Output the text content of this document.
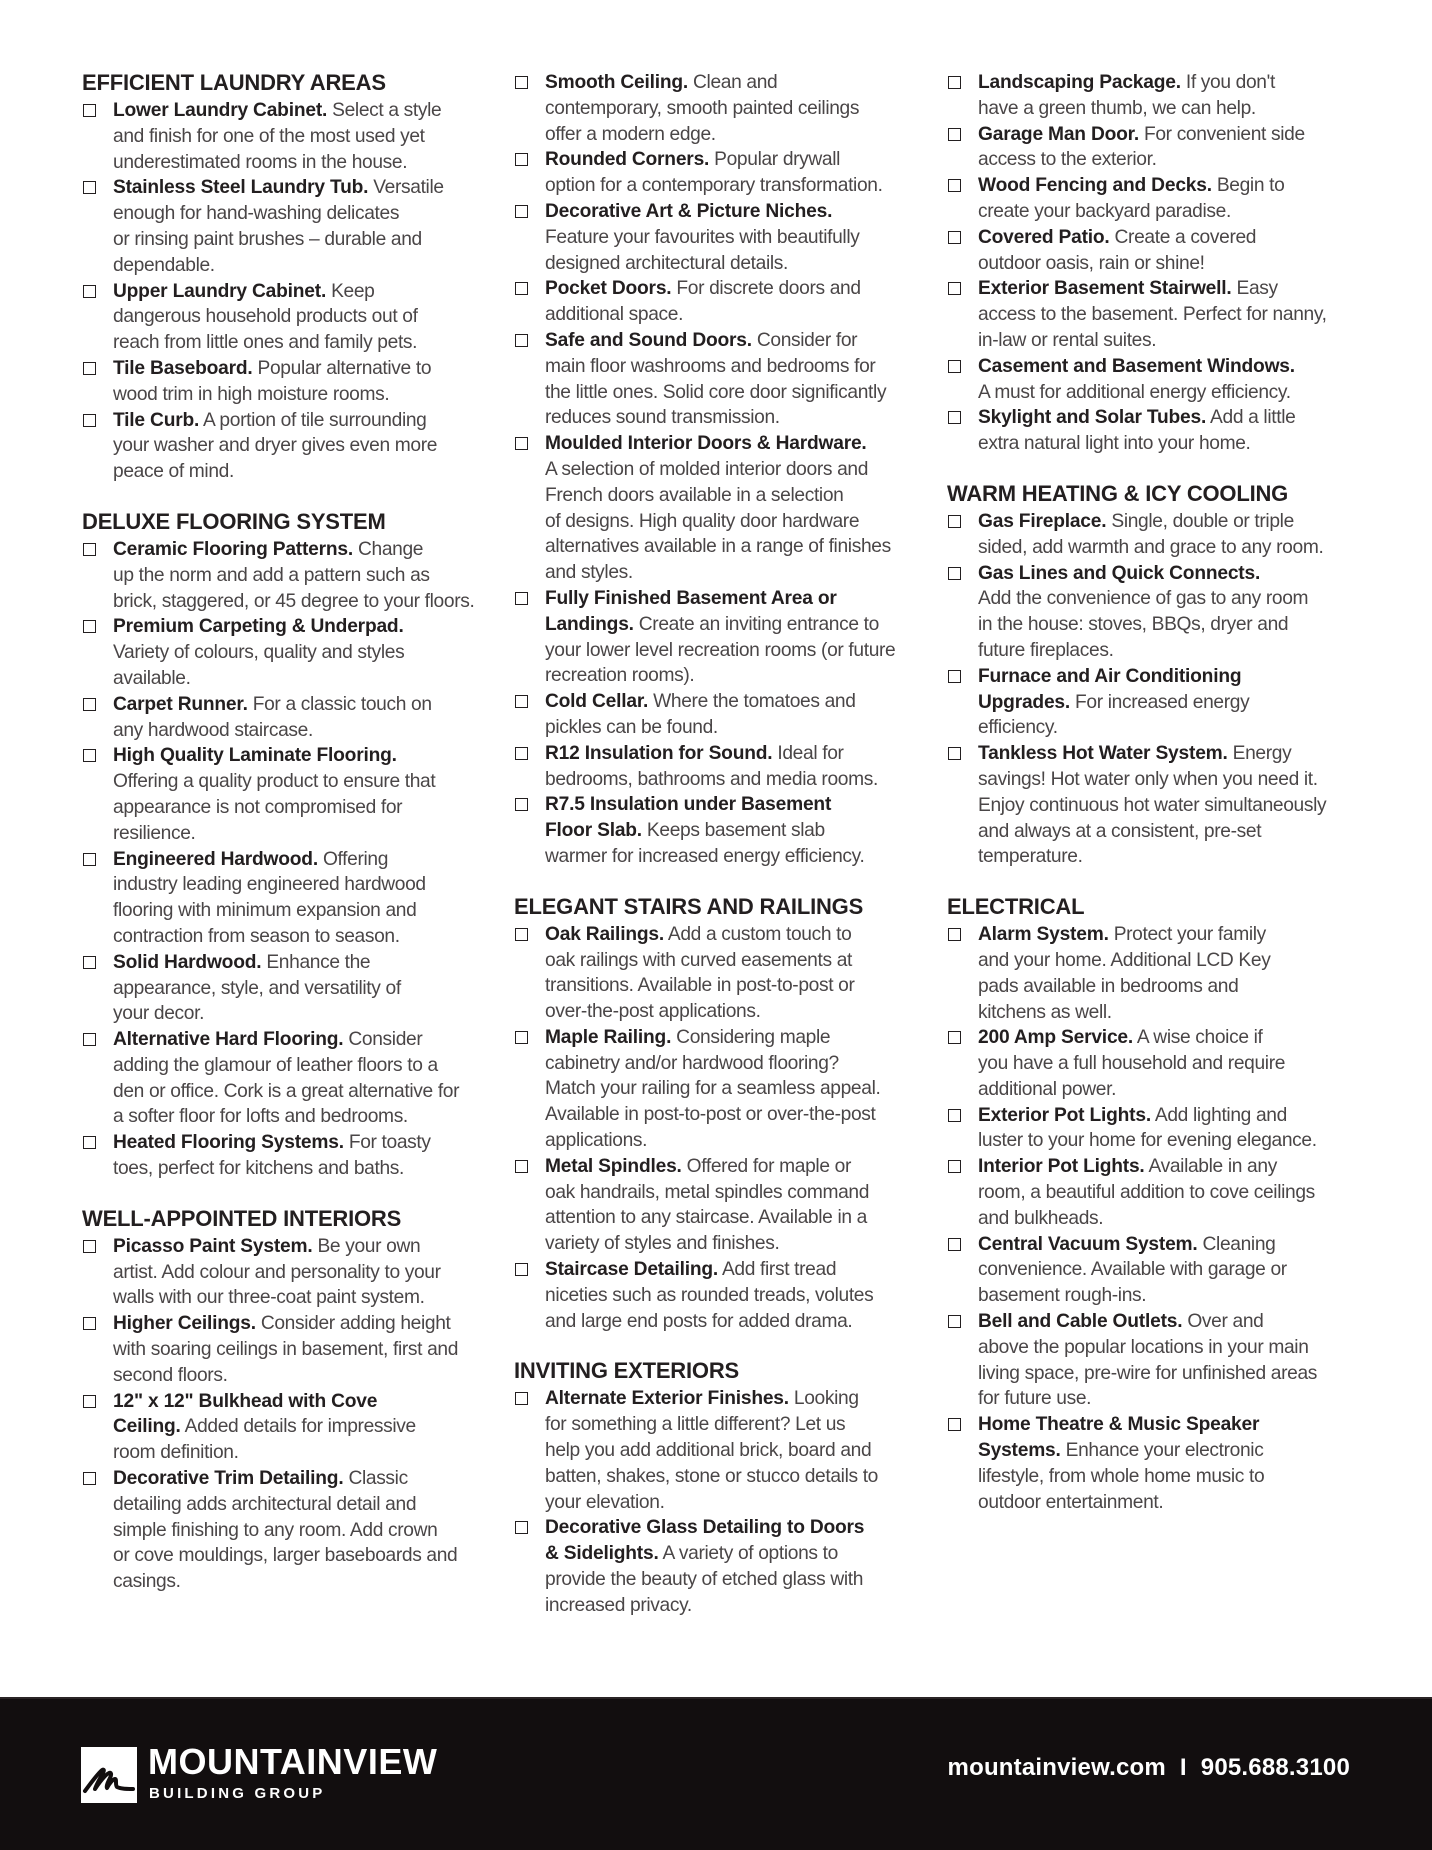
EFFICIENT LAUNDRY AREAS
Lower Laundry Cabinet. Select a style
and finish for one of the most used yet
underestimated rooms in the house.
Stainless Steel Laundry Tub. Versatile
enough for hand-washing delicates
or rinsing paint brushes – durable and
dependable.
Upper Laundry Cabinet. Keep
dangerous household products out of
reach from little ones and family pets.
Tile Baseboard. Popular alternative to
wood trim in high moisture rooms.
Tile Curb. A portion of tile surrounding
your washer and dryer gives even more
peace of mind.
DELUXE FLOORING SYSTEM
Ceramic Flooring Patterns. Change
up the norm and add a pattern such as
brick, staggered, or 45 degree to your floors.
Premium Carpeting & Underpad.
Variety of colours, quality and styles
available.
Carpet Runner. For a classic touch on
any hardwood staircase.
High Quality Laminate Flooring.
Offering a quality product to ensure that
appearance is not compromised for
resilience.
Engineered Hardwood. Offering
industry leading engineered hardwood
flooring with minimum expansion and
contraction from season to season.
Solid Hardwood. Enhance the
appearance, style, and versatility of
your decor.
Alternative Hard Flooring. Consider
adding the glamour of leather floors to a
den or office. Cork is a great alternative for
a softer floor for lofts and bedrooms.
Heated Flooring Systems. For toasty
toes, perfect for kitchens and baths.
WELL-APPOINTED INTERIORS
Picasso Paint System. Be your own
artist. Add colour and personality to your
walls with our three-coat paint system.
Higher Ceilings. Consider adding height
with soaring ceilings in basement, first and
second floors.
12" x 12" Bulkhead with Cove
Ceiling. Added details for impressive
room definition.
Decorative Trim Detailing. Classic
detailing adds architectural detail and
simple finishing to any room. Add crown
or cove mouldings, larger baseboards and
casings.
Smooth Ceiling. Clean and
contemporary, smooth painted ceilings
offer a modern edge.
Rounded Corners. Popular drywall
option for a contemporary transformation.
Decorative Art & Picture Niches.
Feature your favourites with beautifully
designed architectural details.
Pocket Doors. For discrete doors and
additional space.
Safe and Sound Doors. Consider for
main floor washrooms and bedrooms for
the little ones. Solid core door significantly
reduces sound transmission.
Moulded Interior Doors & Hardware.
A selection of molded interior doors and
French doors available in a selection
of designs. High quality door hardware
alternatives available in a range of finishes
and styles.
Fully Finished Basement Area or
Landings. Create an inviting entrance to
your lower level recreation rooms (or future
recreation rooms).
Cold Cellar. Where the tomatoes and
pickles can be found.
R12 Insulation for Sound. Ideal for
bedrooms, bathrooms and media rooms.
R7.5 Insulation under Basement
Floor Slab. Keeps basement slab
warmer for increased energy efficiency.
ELEGANT STAIRS AND RAILINGS
Oak Railings. Add a custom touch to
oak railings with curved easements at
transitions. Available in post-to-post or
over-the-post applications.
Maple Railing. Considering maple
cabinetry and/or hardwood flooring?
Match your railing for a seamless appeal.
Available in post-to-post or over-the-post
applications.
Metal Spindles. Offered for maple or
oak handrails, metal spindles command
attention to any staircase. Available in a
variety of styles and finishes.
Staircase Detailing. Add first tread
niceties such as rounded treads, volutes
and large end posts for added drama.
INVITING EXTERIORS
Alternate Exterior Finishes. Looking
for something a little different? Let us
help you add additional brick, board and
batten, shakes, stone or stucco details to
your elevation.
Decorative Glass Detailing to Doors
& Sidelights. A variety of options to
provide the beauty of etched glass with
increased privacy.
Landscaping Package. If you don't
have a green thumb, we can help.
Garage Man Door. For convenient side
access to the exterior.
Wood Fencing and Decks. Begin to
create your backyard paradise.
Covered Patio. Create a covered
outdoor oasis, rain or shine!
Exterior Basement Stairwell. Easy
access to the basement. Perfect for nanny,
in-law or rental suites.
Casement and Basement Windows.
A must for additional energy efficiency.
Skylight and Solar Tubes. Add a little
extra natural light into your home.
WARM HEATING & ICY COOLING
Gas Fireplace. Single, double or triple
sided, add warmth and grace to any room.
Gas Lines and Quick Connects.
Add the convenience of gas to any room
in the house: stoves, BBQs, dryer and
future fireplaces.
Furnace and Air Conditioning
Upgrades. For increased energy
efficiency.
Tankless Hot Water System. Energy
savings! Hot water only when you need it.
Enjoy continuous hot water simultaneously
and always at a consistent, pre-set
temperature.
ELECTRICAL
Alarm System. Protect your family
and your home. Additional LCD Key
pads available in bedrooms and
kitchens as well.
200 Amp Service. A wise choice if
you have a full household and require
additional power.
Exterior Pot Lights. Add lighting and
luster to your home for evening elegance.
Interior Pot Lights. Available in any
room, a beautiful addition to cove ceilings
and bulkheads.
Central Vacuum System. Cleaning
convenience. Available with garage or
basement rough-ins.
Bell and Cable Outlets. Over and
above the popular locations in your main
living space, pre-wire for unfinished areas
for future use.
Home Theatre & Music Speaker
Systems. Enhance your electronic
lifestyle, from whole home music to
outdoor entertainment.
MOUNTAINVIEW
BUILDING GROUP
mountainview.com I 905.688.3100
